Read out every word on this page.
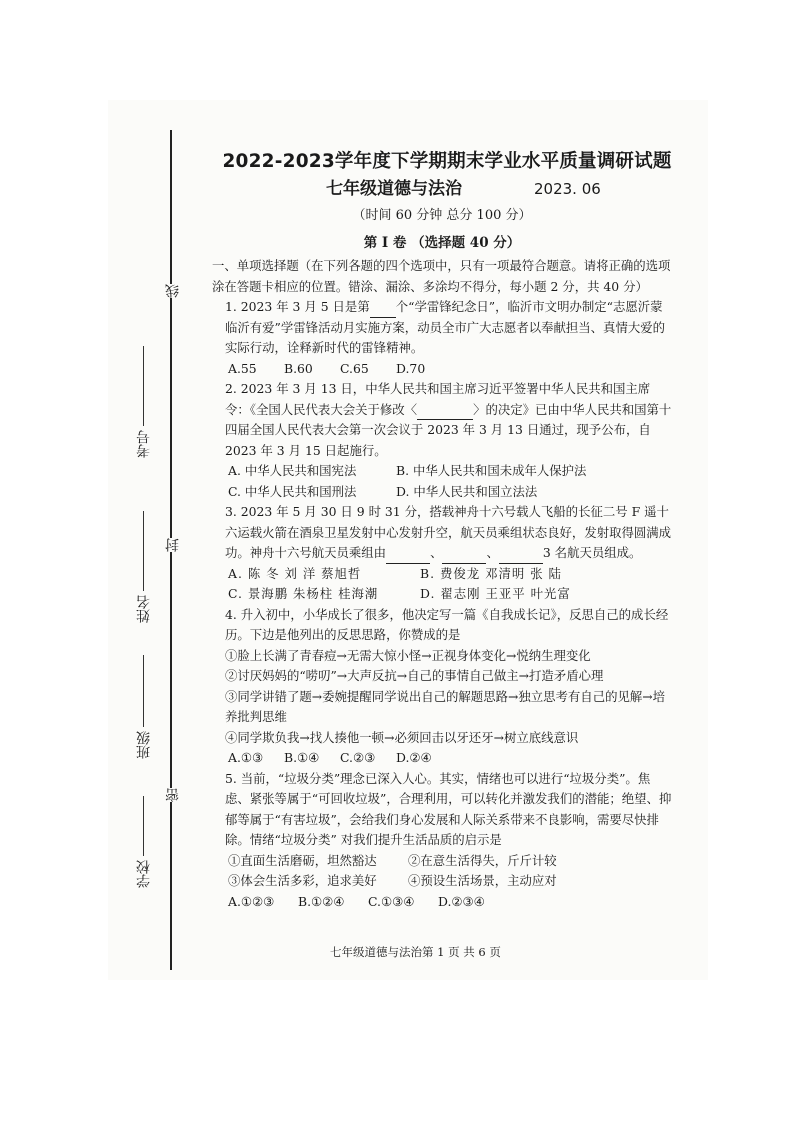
考号
姓名
班级
学校
线
封
密
2022-2023学年度下学期期末学业水平质量调研试题
七年级道德与法治	2023. 06
（时间 60 分钟 总分 100 分）
第 Ⅰ 卷 （选择题 40 分）

一、单项选择题（在下列各题的四个选项中，只有一项最符合题意。请将正确的选项涂在答题卡相应的位置。错涂、漏涂、多涂均不得分，每小题 2 分，共 40 分）

1. 2023 年 3 月 5 日是第 个“学雷锋纪念日”，临沂市文明办制定“志愿沂蒙 临沂有爱”学雷锋活动月实施方案，动员全市广大志愿者以奉献担当、真情大爱的实际行动，诠释新时代的雷锋精神。

A.55	B.60	C.65	D.70

2. 2023 年 3 月 13 日，中华人民共和国主席习近平签署中华人民共和国主席令：《全国人民代表大会关于修改〈	〉的决定》已由中华人民共和国第十四届全国人民代表大会第一次会议于 2023 年 3 月 13 日通过，现予公布，自 2023 年 3 月 15 日起施行。

A. 中华人民共和国宪法	B. 中华人民共和国未成年人保护法
C. 中华人民共和国刑法	D. 中华人民共和国立法法

3. 2023 年 5 月 30 日 9 时 31 分，搭载神舟十六号载人飞船的长征二号 F 遥十六运载火箭在酒泉卫星发射中心发射升空，航天员乘组状态良好，发射取得圆满成功。神舟十六号航天员乘组由	、	、	3 名航天员组成。

A. 陈 冬 刘 洋 蔡旭哲	B. 费俊龙 邓清明 张 陆
C. 景海鹏 朱杨柱 桂海潮	D. 翟志刚 王亚平 叶光富

4. 升入初中，小华成长了很多，他决定写一篇《自我成长记》，反思自己的成长经历。下边是他列出的反思思路，你赞成的是

①脸上长满了青春痘→无需大惊小怪→正视身体变化→悦纳生理变化

②讨厌妈妈的“唠叨”→大声反抗→自己的事情自己做主→打造矛盾心理

③同学讲错了题→委婉提醒同学说出自己的解题思路→独立思考有自己的见解→培养批判思维

④同学欺负我→找人揍他一顿→必须回击以牙还牙→树立底线意识

A.①③	B.①④	C.②③	D.②④

5. 当前，“垃圾分类”理念已深入人心。其实，情绪也可以进行“垃圾分类”。焦虑、紧张等属于“可回收垃圾”，合理利用，可以转化并激发我们的潜能；绝望、抑郁等属于“有害垃圾”，会给我们身心发展和人际关系带来不良影响，需要尽快排除。情绪“垃圾分类” 对我们提升生活品质的启示是

①直面生活磨砺，坦然豁达	②在意生活得失，斤斤计较
③体会生活多彩，追求美好	④预设生活场景，主动应对
A.①②③	B.①②④	C.①③④	D.②③④
七年级道德与法治第 1 页 共 6 页
